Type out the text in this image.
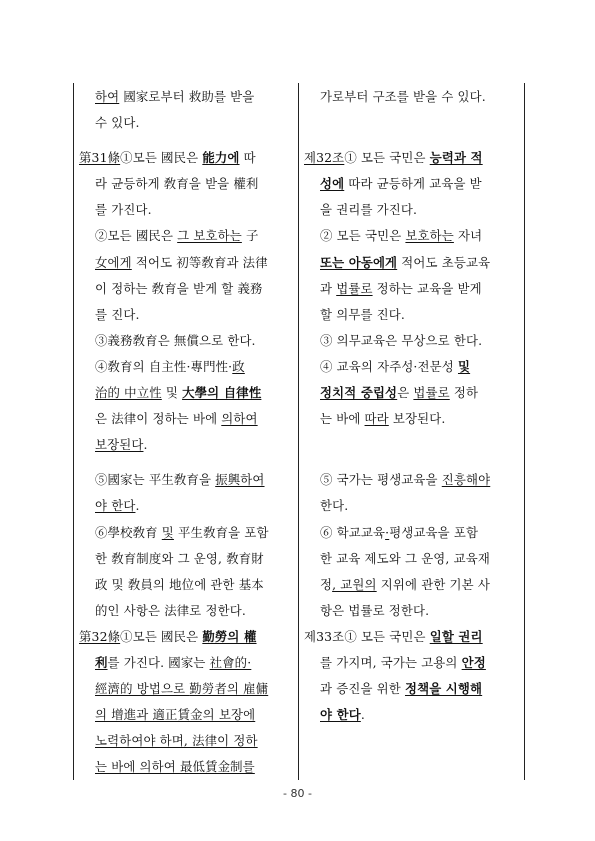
하여 國家로부터 救助를 받을
수 있다.
第31條 ①모든 國民은 能力에 따
라 균등하게 敎育을 받을 權利
를 가진다.
②모든 國民은 그 보호하는 子
女에게 적어도 初等敎育과 法律
이 정하는 敎育을 받게 할 義務
를 진다.
③義務敎育은 無償으로 한다.
④敎育의 自主性·專門性·政
治的 中立性 및 大學의 自律性
은 法律이 정하는 바에 의하여
보장된다.
⑤國家는 平生敎育을 振興하여
야 한다.
⑥學校敎育 및 平生敎育을 포함
한 敎育制度와 그 운영, 敎育財
政 및 敎員의 地位에 관한 基本
的인 사항은 法律로 정한다.
第32條 ①모든 國民은 勤勞의 權
利를 가진다. 國家는 社會的·
經濟的 방법으로 勤勞者의 雇傭
의 增進과 適正賃金의 보장에
노력하여야 하며, 法律이 정하
는 바에 의하여 最低賃金制를
가로부터 구조를 받을 수 있다.
제32조 ① 모든 국민은 능력과 적
성에 따라 균등하게 교육을 받
을 권리를 가진다.
② 모든 국민은 보호하는 자녀
또는 아동에게 적어도 초등교육
과 법률로 정하는 교육을 받게
할 의무를 진다.
③ 의무교육은 무상으로 한다.
④ 교육의 자주성·전문성 및
정치적 중립성은 법률로 정하
는 바에 따라 보장된다.
⑤ 국가는 평생교육을 진흥해야
한다.
⑥ 학교교육·평생교육을 포함
한 교육 제도와 그 운영, 교육재
정, 교원의 지위에 관한 기본 사
항은 법률로 정한다.
제33조 ① 모든 국민은 일할 권리
를 가지며, 국가는 고용의 안정
과 증진을 위한 정책을 시행해
야 한다.
- 80 -
